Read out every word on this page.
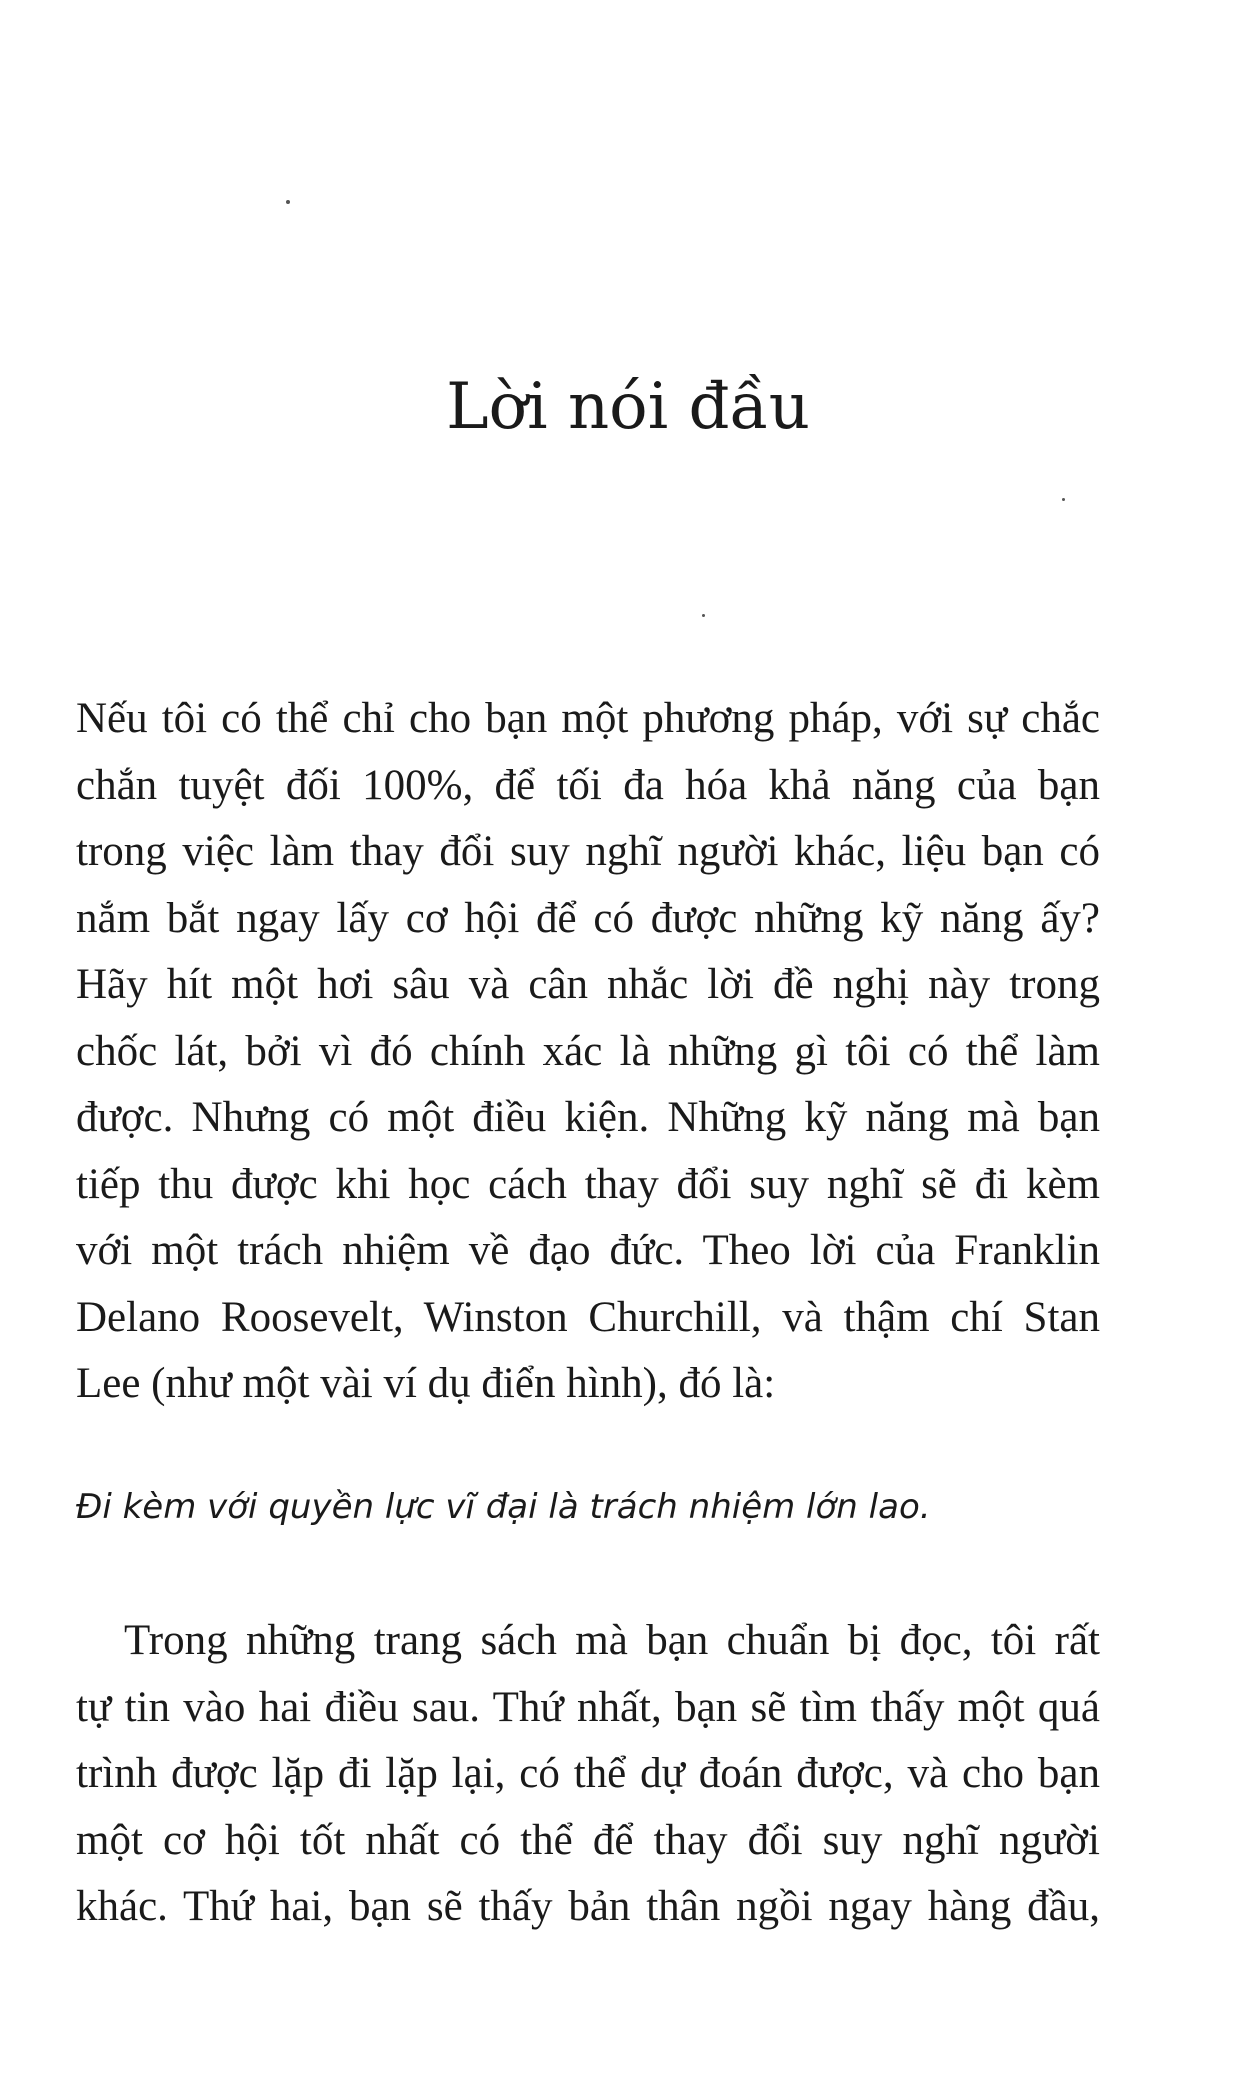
Lời nói đầu
Nếu tôi có thể chỉ cho bạn một phương pháp, với sự chắc
chắn tuyệt đối 100%, để tối đa hóa khả năng của bạn
trong việc làm thay đổi suy nghĩ người khác, liệu bạn có
nắm bắt ngay lấy cơ hội để có được những kỹ năng ấy?
Hãy hít một hơi sâu và cân nhắc lời đề nghị này trong
chốc lát, bởi vì đó chính xác là những gì tôi có thể làm
được. Nhưng có một điều kiện. Những kỹ năng mà bạn
tiếp thu được khi học cách thay đổi suy nghĩ sẽ đi kèm
với một trách nhiệm về đạo đức. Theo lời của Franklin
Delano Roosevelt, Winston Churchill, và thậm chí Stan
Lee (như một vài ví dụ điển hình), đó là:

Đi kèm với quyền lực vĩ đại là trách nhiệm lớn lao.

Trong những trang sách mà bạn chuẩn bị đọc, tôi rất
tự tin vào hai điều sau. Thứ nhất, bạn sẽ tìm thấy một quá
trình được lặp đi lặp lại, có thể dự đoán được, và cho bạn
một cơ hội tốt nhất có thể để thay đổi suy nghĩ người
khác. Thứ hai, bạn sẽ thấy bản thân ngồi ngay hàng đầu,
